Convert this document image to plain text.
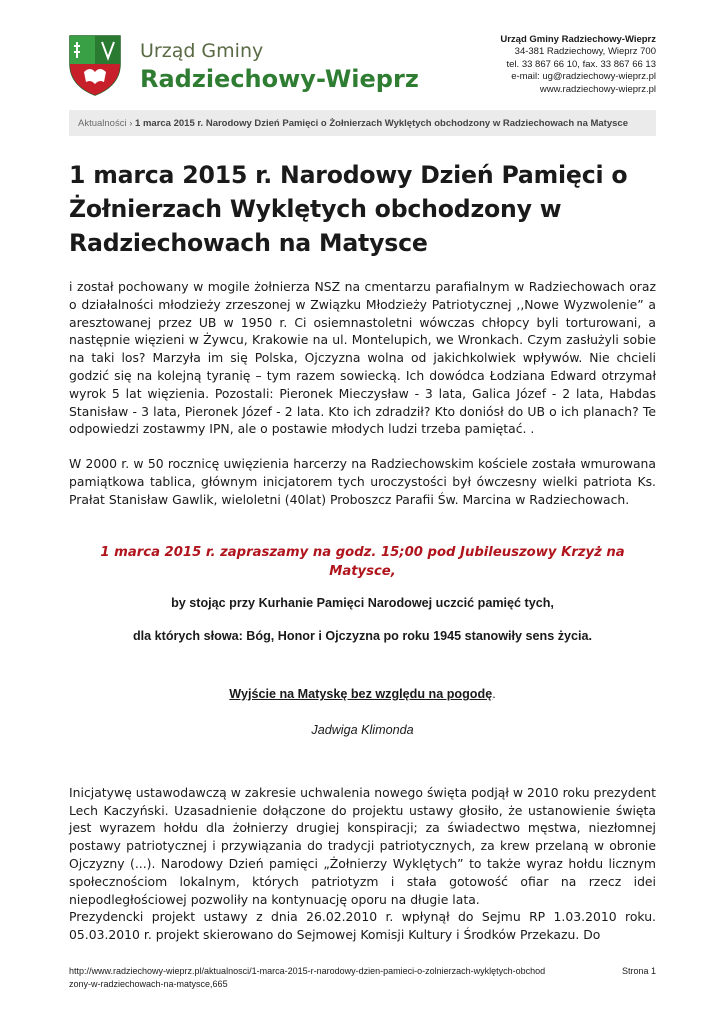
Urząd Gminy
Radziechowy-Wieprz
Urząd Gminy Radziechowy-Wieprz
34-381 Radziechowy, Wieprz 700
tel. 33 867 66 10, fax. 33 867 66 13
e-mail: ug@radziechowy-wieprz.pl
www.radziechowy-wieprz.pl
Aktualności › 1 marca 2015 r. Narodowy Dzień Pamięci o Żołnierzach Wyklętych obchodzony w Radziechowach na Matysce
1 marca 2015 r. Narodowy Dzień Pamięci o Żołnierzach Wyklętych obchodzony w Radziechowach na Matysce

i został pochowany w mogile żołnierza NSZ na cmentarzu parafialnym w Radziechowach oraz o działalności młodzieży zrzeszonej w Związku Młodzieży Patriotycznej ,,Nowe Wyzwolenie” a aresztowanej przez UB w 1950 r. Ci osiemnastoletni wówczas chłopcy byli torturowani, a następnie więzieni w Żywcu, Krakowie na ul. Montelupich, we Wronkach. Czym zasłużyli sobie na taki los? Marzyła im się Polska, Ojczyzna wolna od jakichkolwiek wpływów. Nie chcieli godzić się na kolejną tyranię – tym razem sowiecką. Ich dowódca Łodziana Edward otrzymał wyrok 5 lat więzienia. Pozostali: Pieronek Mieczysław - 3 lata, Galica Józef - 2 lata, Habdas Stanisław - 3 lata, Pieronek Józef - 2 lata. Kto ich zdradził? Kto doniósł do UB o ich planach? Te odpowiedzi zostawmy IPN, ale o postawie młodych ludzi trzeba pamiętać. .

W 2000 r. w 50 rocznicę uwięzienia harcerzy na Radziechowskim kościele została wmurowana pamiątkowa tablica, głównym inicjatorem tych uroczystości był ówczesny wielki patriota Ks. Prałat Stanisław Gawlik, wieloletni (40lat) Proboszcz Parafii Św. Marcina w Radziechowach.

1 marca 2015 r. zapraszamy na godz. 15;00 pod Jubileuszowy Krzyż na Matysce,

by stojąc przy Kurhanie Pamięci Narodowej uczcić pamięć tych,

dla których słowa: Bóg, Honor i Ojczyzna po roku 1945 stanowiły sens życia.

Wyjście na Matyskę bez względu na pogodę.

Jadwiga Klimonda

Inicjatywę ustawodawczą w zakresie uchwalenia nowego święta podjął w 2010 roku prezydent Lech Kaczyński. Uzasadnienie dołączone do projektu ustawy głosiło, że ustanowienie święta jest wyrazem hołdu dla żołnierzy drugiej konspiracji; za świadectwo męstwa, niezłomnej postawy patriotycznej i przywiązania do tradycji patriotycznych, za krew przelaną w obronie Ojczyzny (...). Narodowy Dzień pamięci „Żołnierzy Wyklętych” to także wyraz hołdu licznym społecznościom lokalnym, których patriotyzm i stała gotowość ofiar na rzecz idei niepodległościowej pozwoliły na kontynuację oporu na długie lata.

Prezydencki projekt ustawy z dnia 26.02.2010 r. wpłynął do Sejmu RP 1.03.2010 roku. 05.03.2010 r. projekt skierowano do Sejmowej Komisji Kultury i Środków Przekazu. Do

http://www.radziechowy-wieprz.pl/aktualnosci/1-marca-2015-r-narodowy-dzien-pamieci-o-zolnierzach-wyklętych-obchodzony-w-radziechowach-na-matysce,665
Strona 1
